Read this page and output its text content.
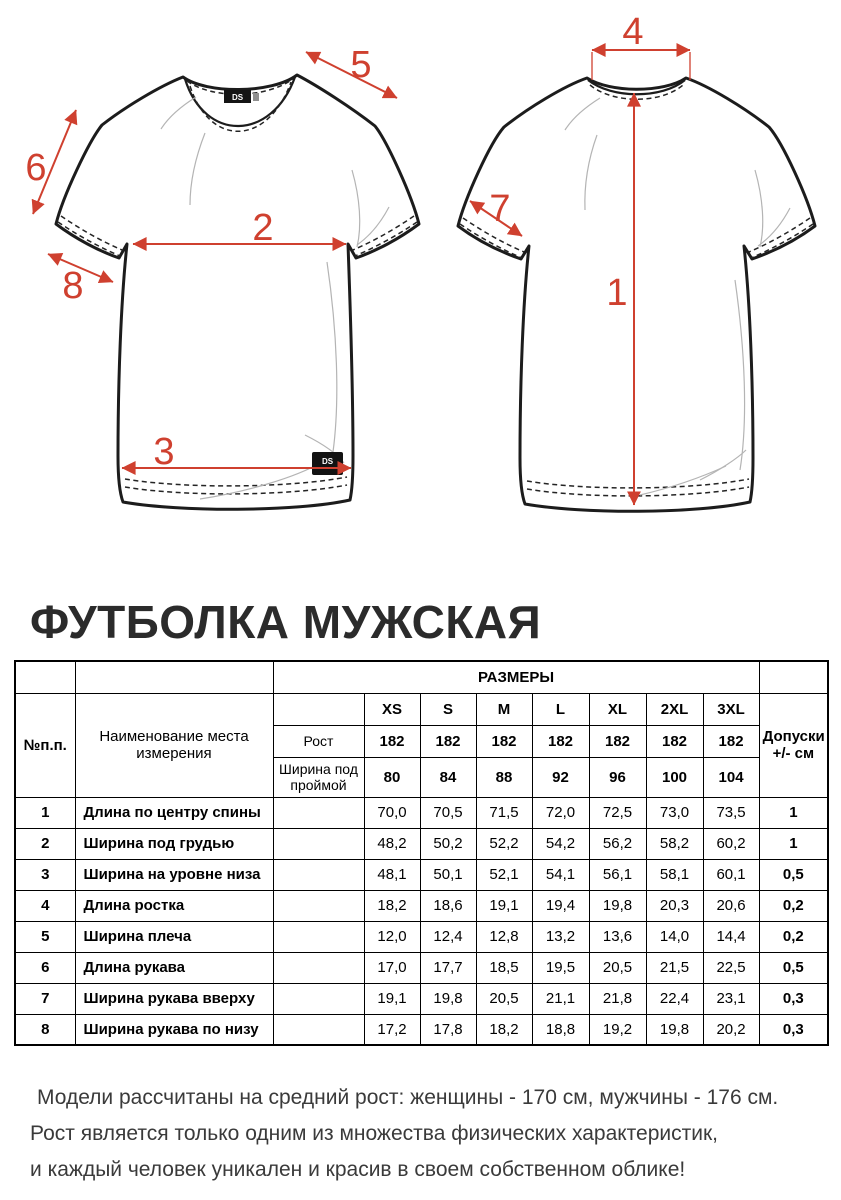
DS
DS
2
3
5
6
8
4
1
7
ФУТБОЛКА МУЖСКАЯ
		РАЗМЕРЫ								
№п.п.	Наименование места измерения		XS	S	M	L	XL	2XL	3XL	Допуски +/- см
		Рост	182	182	182	182	182	182	182	
		Ширина под проймой	80	84	88	92	96	100	104	
1	Длина по центру спины		70,0	70,5	71,5	72,0	72,5	73,0	73,5	1
2	Ширина под грудью		48,2	50,2	52,2	54,2	56,2	58,2	60,2	1
3	Ширина на уровне низа		48,1	50,1	52,1	54,1	56,1	58,1	60,1	0,5
4	Длина ростка		18,2	18,6	19,1	19,4	19,8	20,3	20,6	0,2
5	Ширина плеча		12,0	12,4	12,8	13,2	13,6	14,0	14,4	0,2
6	Длина рукава		17,0	17,7	18,5	19,5	20,5	21,5	22,5	0,5
7	Ширина рукава вверху		19,1	19,8	20,5	21,1	21,8	22,4	23,1	0,3
8	Ширина рукава по низу		17,2	17,8	18,2	18,8	19,2	19,8	20,2	0,3
Модели рассчитаны на средний рост: женщины - 170 см, мужчины - 176 см.
Рост является только одним из множества физических характеристик,
и каждый человек уникален и красив в своем собственном облике!
